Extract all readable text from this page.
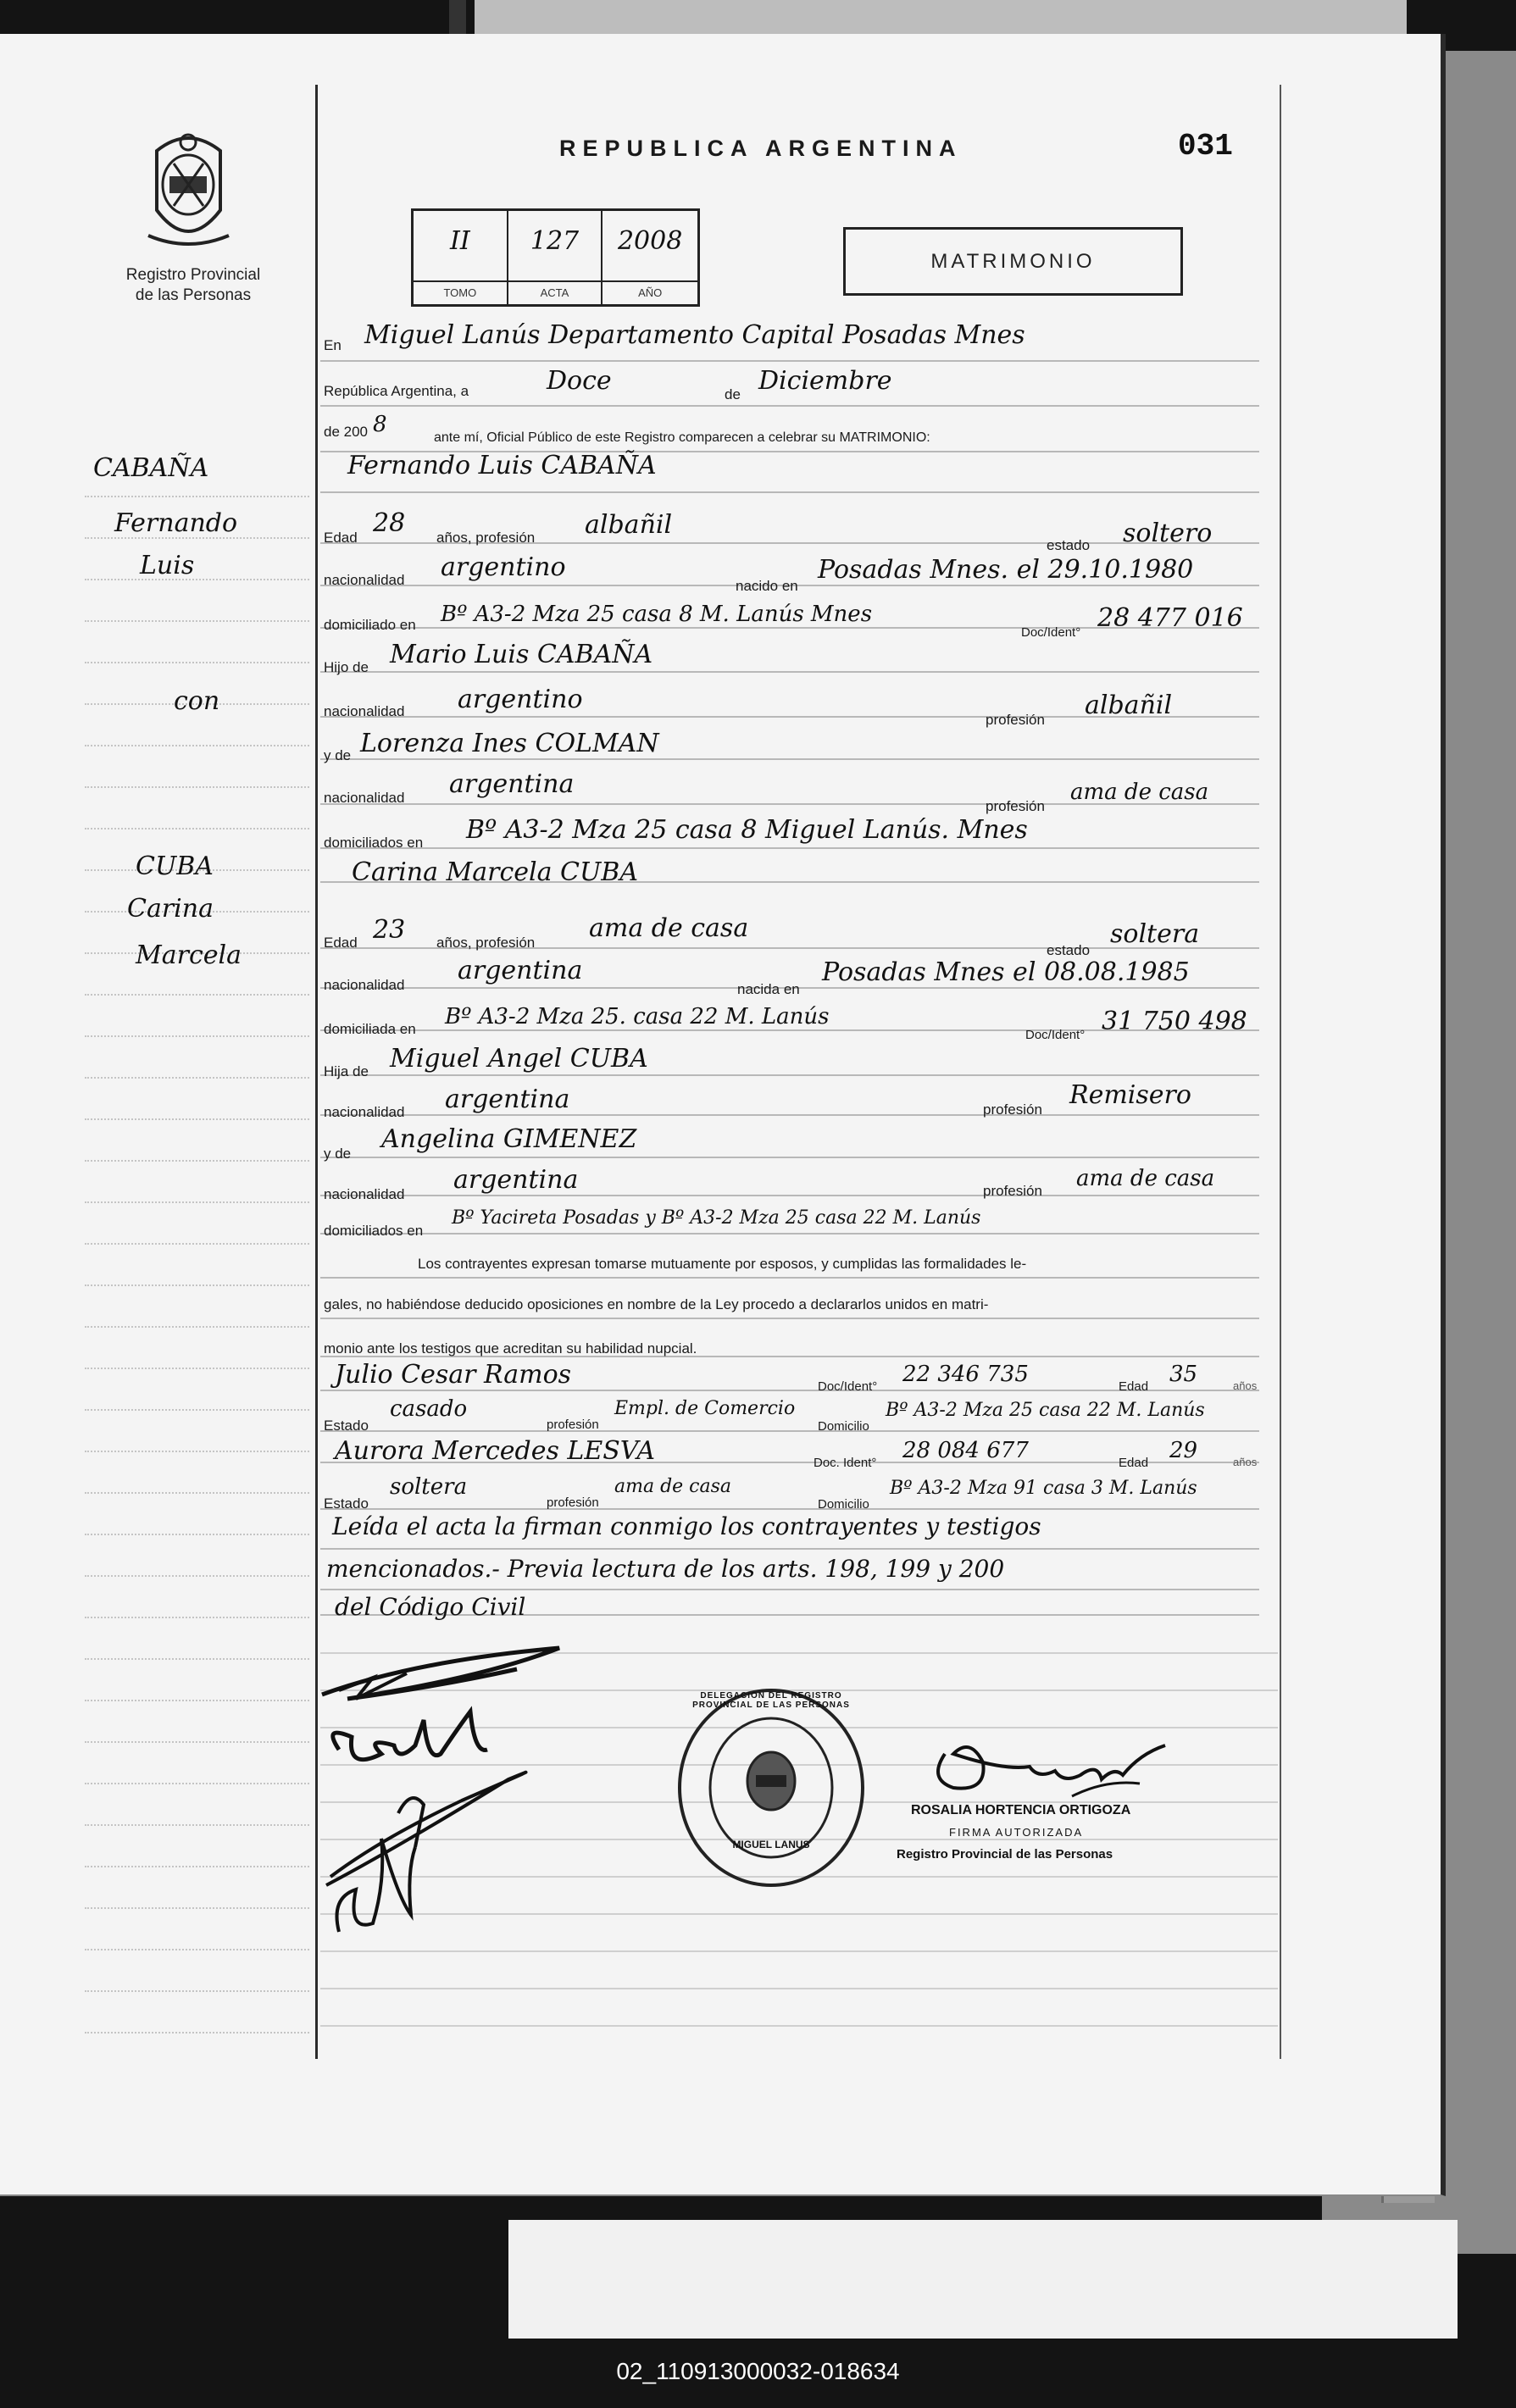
Registro Provincial
de las Personas
REPUBLICA ARGENTINA	031
II
TOMO
127
ACTA
2008
AÑO
MATRIMONIO
CABAÑA
Fernando
Luis
con
CUBA
Carina
Marcela
En Miguel Lanús Departamento Capital Posadas Mnes
República Argentina, a	Doce	de Diciembre
de 200 8
ante mí, Oficial Público de este Registro comparecen a celebrar su MATRIMONIO:
Fernando Luis CABAÑA
Edad 28 años, profesión albañil
estado soltero
nacionalidad argentino
nacido en
Posadas Mnes. el 29.10.1980
domiciliado en Bº A3-2 Mza 25 casa 8 M. Lanús Mnes
Doc/Ident° 28 477 016
Hijo de Mario Luis CABAÑA
nacionalidad argentino
profesión albañil
y de Lorenza Ines COLMAN
nacionalidad argentina
profesión
ama de casa
domiciliados en Bº A3-2 Mza 25 casa 8 Miguel Lanús. Mnes
Carina Marcela CUBA
Edad 23 años, profesión ama de casa
estado
soltera
nacionalidad argentina
nacida en
Posadas Mnes el 08.08.1985
domiciliada en Bº A3-2 Mza 25. casa 22 M. Lanús
Doc/Ident° 31 750 498
Hija de Miguel Angel CUBA
nacionalidad argentina	profesión Remisero
y de Angelina GIMENEZ
nacionalidad argentina	profesión ama de casa
domiciliados en
Bº Yacireta Posadas y Bº A3-2 Mza 25 casa 22 M. Lanús
Los contrayentes expresan tomarse mutuamente por esposos, y cumplidas las formalidades le-
gales, no habiéndose deducido oposiciones en nombre de la Ley procedo a declararlos unidos en matri-
monio ante los testigos que acreditan su habilidad nupcial.
Julio Cesar Ramos	Doc/Ident° 22 346 735	Edad 35	años
Estado
casado
profesión
Empl. de Comercio
Domicilio
Bº A3-2 Mza 25 casa 22 M. Lanús
Aurora Mercedes LESVA	Doc. Ident° 28 084 677	Edad 29	años
Estado
soltera
profesión
ama de casa
Domicilio
Bº A3-2 Mza 91 casa 3 M. Lanús
Leída el acta la firman conmigo los contrayentes y testigos
mencionados.- Previa lectura de los arts. 198, 199 y 200
del Código Civil
DELEGACION DEL REGISTRO PROVINCIAL DE LAS PERSONAS
MIGUEL LANUS
ROSALIA HORTENCIA ORTIGOZA
FIRMA AUTORIZADA
Registro Provincial de las Personas
02_110913000032-018634
